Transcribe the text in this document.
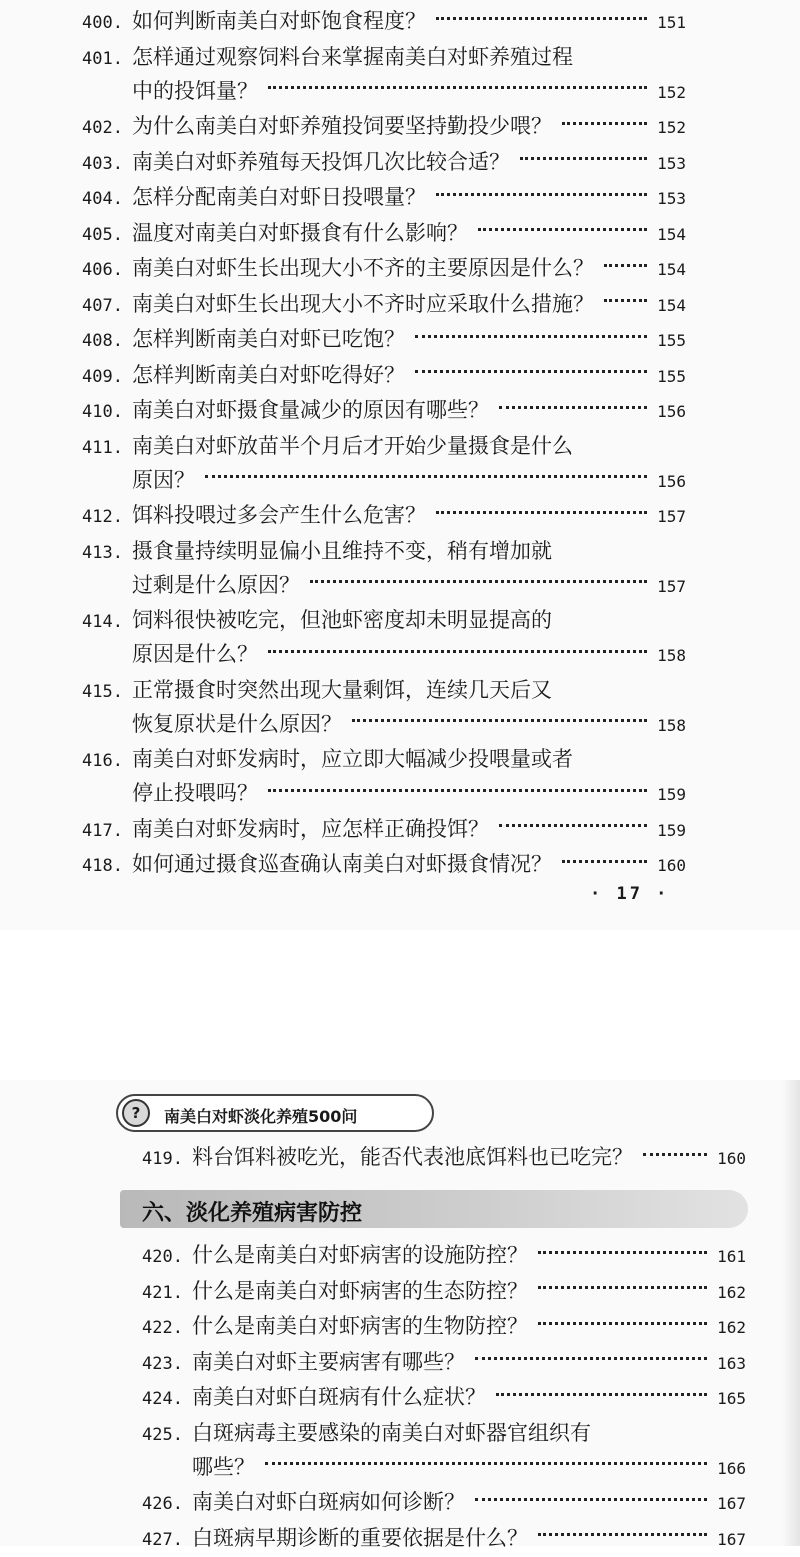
400. 如何判断南美白对虾饱食程度？	151
401. 怎样通过观察饲料台来掌握南美白对虾养殖过程
中的投饵量？	152
402. 为什么南美白对虾养殖投饲要坚持勤投少喂？	152
403. 南美白对虾养殖每天投饵几次比较合适？	153
404. 怎样分配南美白对虾日投喂量？	153
405. 温度对南美白对虾摄食有什么影响？	154
406. 南美白对虾生长出现大小不齐的主要原因是什么？	154
407. 南美白对虾生长出现大小不齐时应采取什么措施？	154
408. 怎样判断南美白对虾已吃饱？	155
409. 怎样判断南美白对虾吃得好？	155
410. 南美白对虾摄食量减少的原因有哪些？	156
411. 南美白对虾放苗半个月后才开始少量摄食是什么
原因？	156
412. 饵料投喂过多会产生什么危害？	157
413. 摄食量持续明显偏小且维持不变，稍有增加就
过剩是什么原因？	157
414. 饲料很快被吃完，但池虾密度却未明显提高的
原因是什么？	158
415. 正常摄食时突然出现大量剩饵，连续几天后又
恢复原状是什么原因？	158
416. 南美白对虾发病时，应立即大幅减少投喂量或者
停止投喂吗？	159
417. 南美白对虾发病时，应怎样正确投饵？	159
418. 如何通过摄食巡查确认南美白对虾摄食情况？	160
· 17 ·
?	南美白对虾淡化养殖500问
419. 料台饵料被吃光，能否代表池底饵料也已吃完？	160
六、淡化养殖病害防控
420. 什么是南美白对虾病害的设施防控？	161
421. 什么是南美白对虾病害的生态防控？	162
422. 什么是南美白对虾病害的生物防控？	162
423. 南美白对虾主要病害有哪些？	163
424. 南美白对虾白斑病有什么症状？	165
425. 白斑病毒主要感染的南美白对虾器官组织有
哪些？	166
426. 南美白对虾白斑病如何诊断？	167
427. 白斑病早期诊断的重要依据是什么？	167
